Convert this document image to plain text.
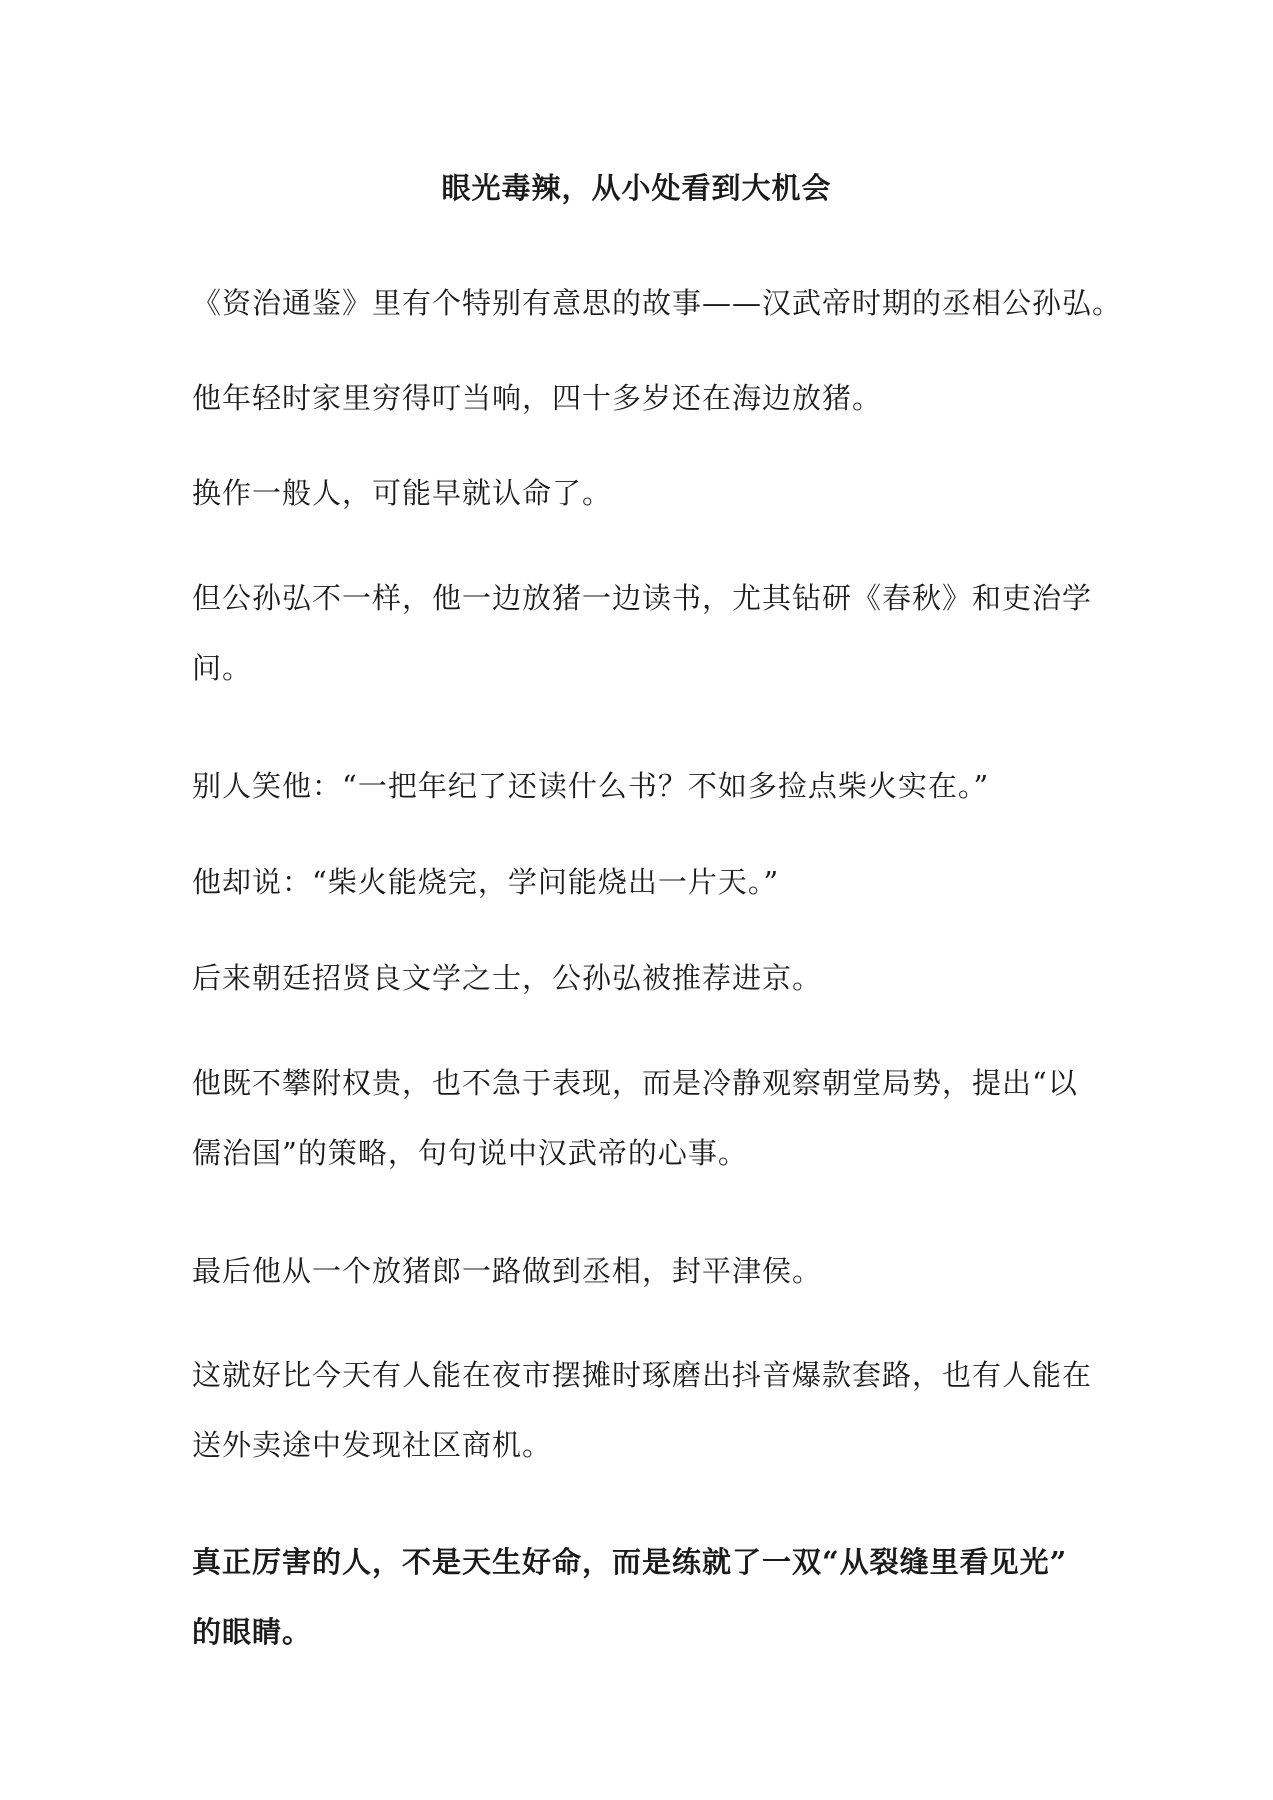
眼光毒辣，从小处看到大机会

《资治通鉴》里有个特别有意思的故事——汉武帝时期的丞相公孙弘。

他年轻时家里穷得叮当响，四十多岁还在海边放猪。

换作一般人，可能早就认命了。

但公孙弘不一样，他一边放猪一边读书，尤其钻研《春秋》和吏治学
问。

别人笑他：“一把年纪了还读什么书？不如多捡点柴火实在。”

他却说：“柴火能烧完，学问能烧出一片天。”

后来朝廷招贤良文学之士，公孙弘被推荐进京。

他既不攀附权贵，也不急于表现，而是冷静观察朝堂局势，提出“以
儒治国”的策略，句句说中汉武帝的心事。

最后他从一个放猪郎一路做到丞相，封平津侯。

这就好比今天有人能在夜市摆摊时琢磨出抖音爆款套路，也有人能在
送外卖途中发现社区商机。

真正厉害的人，不是天生好命，而是练就了一双“从裂缝里看见光”
的眼睛。
